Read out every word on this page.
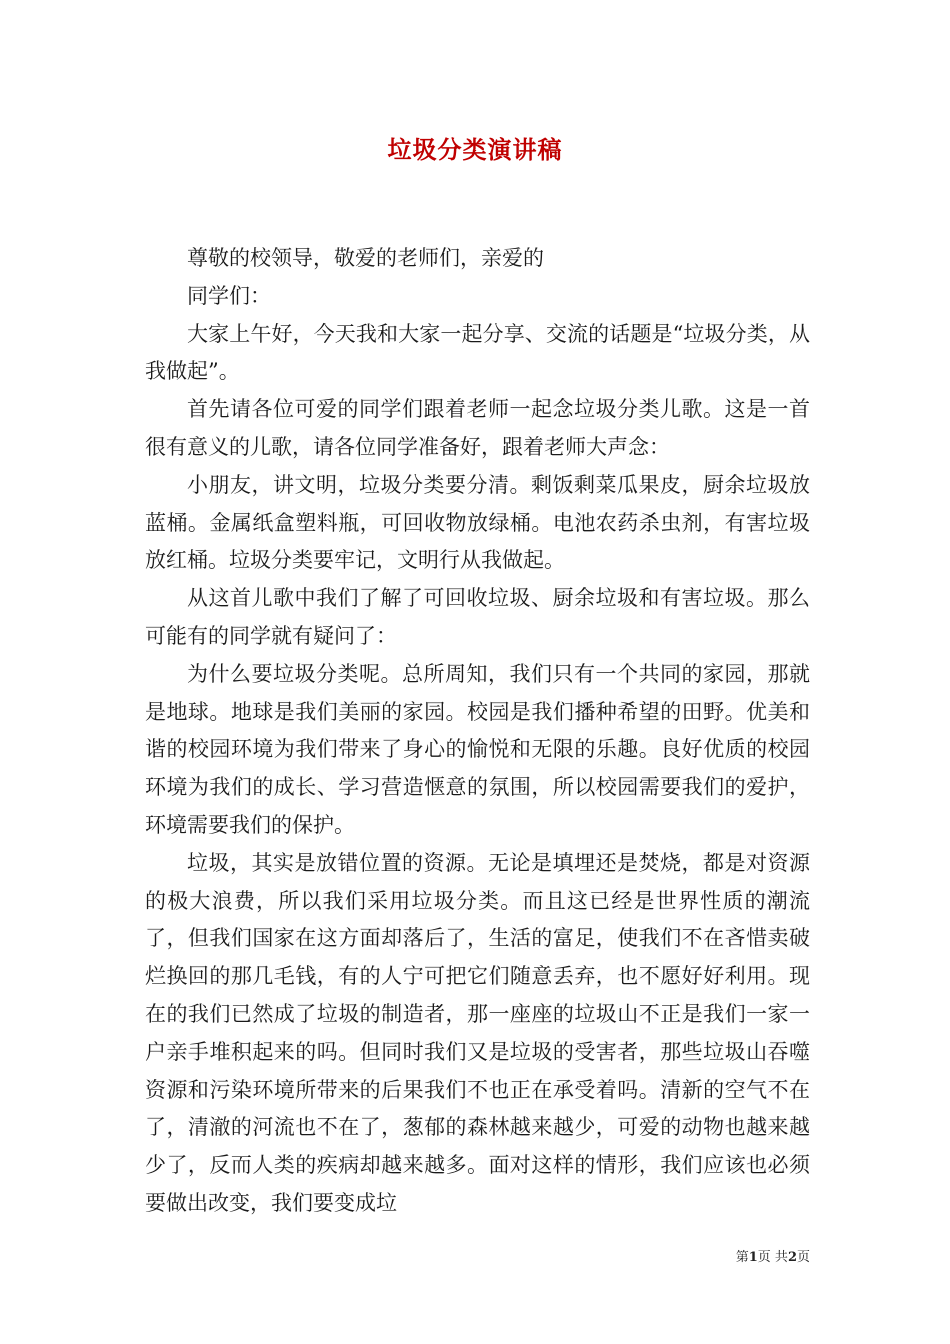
垃圾分类演讲稿

尊敬的校领导，敬爱的老师们，亲爱的

同学们：

大家上午好，今天我和大家一起分享、交流的话题是“垃圾分类，从我做起”。

首先请各位可爱的同学们跟着老师一起念垃圾分类儿歌。这是一首很有意义的儿歌，请各位同学准备好，跟着老师大声念：

小朋友，讲文明，垃圾分类要分清。剩饭剩菜瓜果皮，厨余垃圾放蓝桶。金属纸盒塑料瓶，可回收物放绿桶。电池农药杀虫剂，有害垃圾放红桶。垃圾分类要牢记，文明行从我做起。

从这首儿歌中我们了解了可回收垃圾、厨余垃圾和有害垃圾。那么可能有的同学就有疑问了：

为什么要垃圾分类呢。总所周知，我们只有一个共同的家园，那就是地球。地球是我们美丽的家园。校园是我们播种希望的田野。优美和谐的校园环境为我们带来了身心的愉悦和无限的乐趣。良好优质的校园环境为我们的成长、学习营造惬意的氛围，所以校园需要我们的爱护，环境需要我们的保护。

垃圾，其实是放错位置的资源。无论是填埋还是焚烧，都是对资源的极大浪费，所以我们采用垃圾分类。而且这已经是世界性质的潮流了，但我们国家在这方面却落后了，生活的富足，使我们不在吝惜卖破烂换回的那几毛钱，有的人宁可把它们随意丢弃，也不愿好好利用。现在的我们已然成了垃圾的制造者，那一座座的垃圾山不正是我们一家一户亲手堆积起来的吗。但同时我们又是垃圾的受害者，那些垃圾山吞噬资源和污染环境所带来的后果我们不也正在承受着吗。清新的空气不在了，清澈的河流也不在了，葱郁的森林越来越少，可爱的动物也越来越少了，反而人类的疾病却越来越多。面对这样的情形，我们应该也必须要做出改变，我们要变成垃

第1页 共2页
